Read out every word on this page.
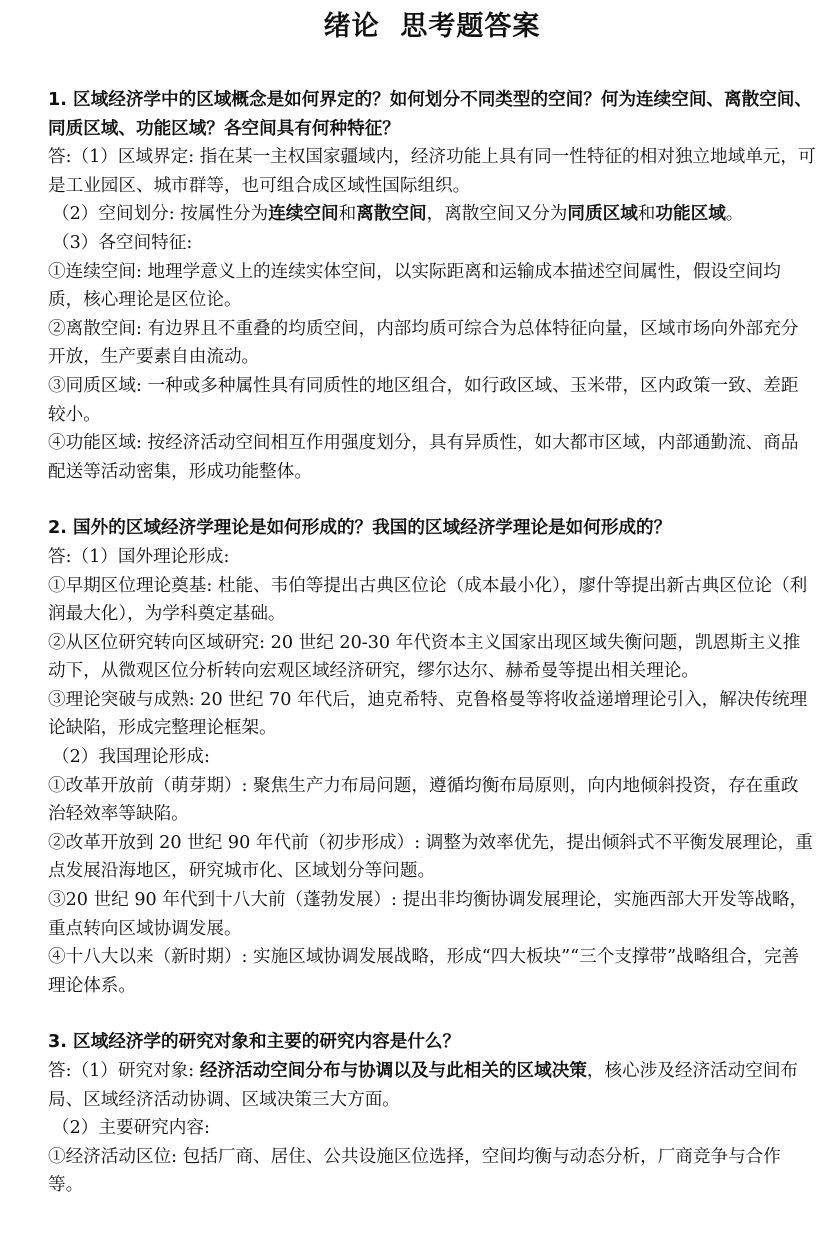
绪论  思考题答案

1. 区域经济学中的区域概念是如何界定的？如何划分不同类型的空间？何为连续空间、离散空间、同质区域、功能区域？各空间具有何种特征？

答:（1）区域界定: 指在某一主权国家疆域内，经济功能上具有同一性特征的相对独立地域单元，可是工业园区、城市群等，也可组合成区域性国际组织。

（2）空间划分: 按属性分为连续空间和离散空间，离散空间又分为同质区域和功能区域。

（3）各空间特征:

①连续空间: 地理学意义上的连续实体空间，以实际距离和运输成本描述空间属性，假设空间均质，核心理论是区位论。

②离散空间: 有边界且不重叠的均质空间，内部均质可综合为总体特征向量，区域市场向外部充分开放，生产要素自由流动。

③同质区域: 一种或多种属性具有同质性的地区组合，如行政区域、玉米带，区内政策一致、差距较小。

④功能区域: 按经济活动空间相互作用强度划分，具有异质性，如大都市区域，内部通勤流、商品配送等活动密集，形成功能整体。

2. 国外的区域经济学理论是如何形成的？我国的区域经济学理论是如何形成的？

答:（1）国外理论形成:

①早期区位理论奠基: 杜能、韦伯等提出古典区位论（成本最小化），廖什等提出新古典区位论（利润最大化），为学科奠定基础。

②从区位研究转向区域研究: 20 世纪 20-30 年代资本主义国家出现区域失衡问题，凯恩斯主义推动下，从微观区位分析转向宏观区域经济研究，缪尔达尔、赫希曼等提出相关理论。

③理论突破与成熟: 20 世纪 70 年代后，迪克希特、克鲁格曼等将收益递增理论引入，解决传统理论缺陷，形成完整理论框架。

（2）我国理论形成:

①改革开放前（萌芽期）: 聚焦生产力布局问题，遵循均衡布局原则，向内地倾斜投资，存在重政治轻效率等缺陷。

②改革开放到 20 世纪 90 年代前（初步形成）: 调整为效率优先，提出倾斜式不平衡发展理论，重点发展沿海地区，研究城市化、区域划分等问题。

③20 世纪 90 年代到十八大前（蓬勃发展）: 提出非均衡协调发展理论，实施西部大开发等战略，重点转向区域协调发展。

④十八大以来（新时期）: 实施区域协调发展战略，形成“四大板块”“三个支撑带”战略组合，完善理论体系。

3. 区域经济学的研究对象和主要的研究内容是什么？

答:（1）研究对象: 经济活动空间分布与协调以及与此相关的区域决策，核心涉及经济活动空间布局、区域经济活动协调、区域决策三大方面。

（2）主要研究内容:

①经济活动区位: 包括厂商、居住、公共设施区位选择，空间均衡与动态分析，厂商竞争与合作等。
